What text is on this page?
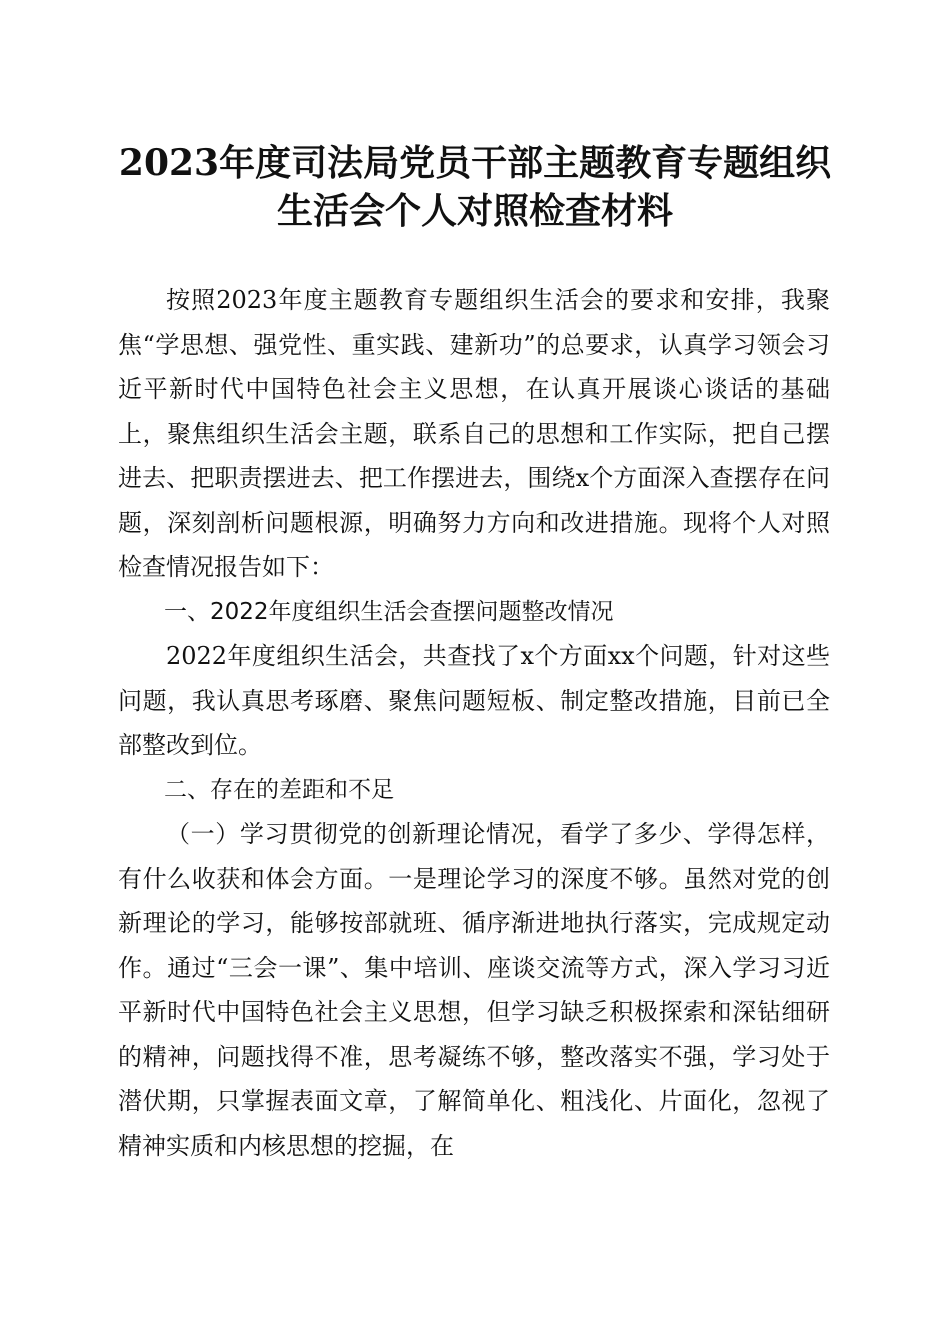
2023年度司法局党员干部主题教育专题组织
生活会个人对照检查材料

按照2023年度主题教育专题组织生活会的要求和安排，我聚焦“学思想、强党性、重实践、建新功”的总要求，认真学习领会习近平新时代中国特色社会主义思想，在认真开展谈心谈话的基础上，聚焦组织生活会主题，联系自己的思想和工作实际，把自己摆进去、把职责摆进去、把工作摆进去，围绕x个方面深入查摆存在问题，深刻剖析问题根源，明确努力方向和改进措施。现将个人对照检查情况报告如下：

一、2022年度组织生活会查摆问题整改情况

2022年度组织生活会，共查找了x个方面xx个问题，针对这些问题，我认真思考琢磨、聚焦问题短板、制定整改措施，目前已全部整改到位。

二、存在的差距和不足

（一）学习贯彻党的创新理论情况，看学了多少、学得怎样，有什么收获和体会方面。一是理论学习的深度不够。虽然对党的创新理论的学习，能够按部就班、循序渐进地执行落实，完成规定动作。通过“三会一课”、集中培训、座谈交流等方式，深入学习习近平新时代中国特色社会主义思想，但学习缺乏积极探索和深钻细研的精神，问题找得不准，思考凝练不够，整改落实不强，学习处于潜伏期，只掌握表面文章，了解简单化、粗浅化、片面化，忽视了精神实质和内核思想的挖掘，在
